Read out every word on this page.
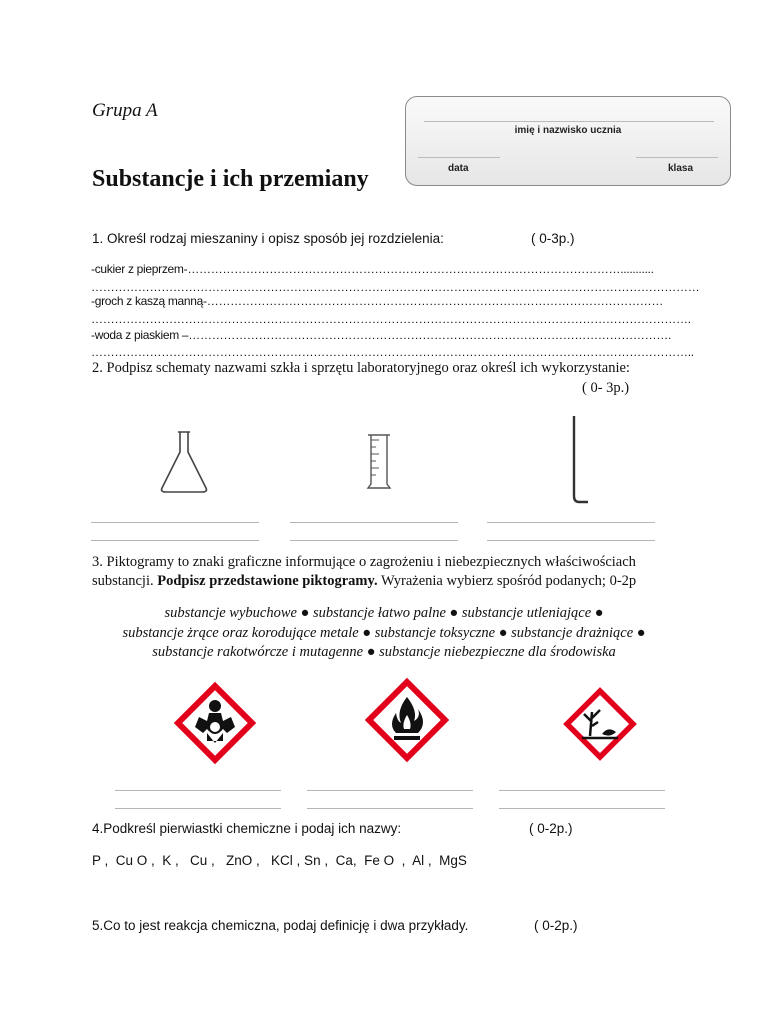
Grupa A
Substancje i ich przemiany
imię i nazwisko ucznia
data	klasa
1. Określ rodzaj mieszaniny i opisz sposób jej rozdzielenia:	( 0-3p.)
-cukier z pieprzem-…………………………………………………………………………………………………...........
…………………………………………………………………………………………………………………………………………
-groch z kaszą manną-………………………………………………………………………………………………………
……………………………………………………………………………………………………………………………………….
-woda z piaskiem –…………………………………………………………………………………………………………….
………………………………………………………………………………………………………………………………………..
2. Podpisz schematy nazwami szkła i sprzętu laboratoryjnego oraz określ ich wykorzystanie:
( 0- 3p.)
3. Piktogramy to znaki graficzne informujące o zagrożeniu i niebezpiecznych właściwościach
substancji. Podpisz przedstawione piktogramy. Wyrażenia wybierz spośród podanych; 0-2p
substancje wybuchowe ● substancje łatwo palne ● substancje utleniające ●
substancje żrące oraz korodujące metale ● substancje toksyczne ● substancje drażniące ●
substancje rakotwórcze i mutagenne ● substancje niebezpieczne dla środowiska
4.Podkreśl pierwiastki chemiczne i podaj ich nazwy:	( 0-2p.)
P ,  Cu O ,  K ,   Cu ,   ZnO ,   KCl , Sn ,  Ca,  Fe O  ,  Al ,  MgS
5.Co to jest reakcja chemiczna, podaj definicję i dwa przykłady.	( 0-2p.)
